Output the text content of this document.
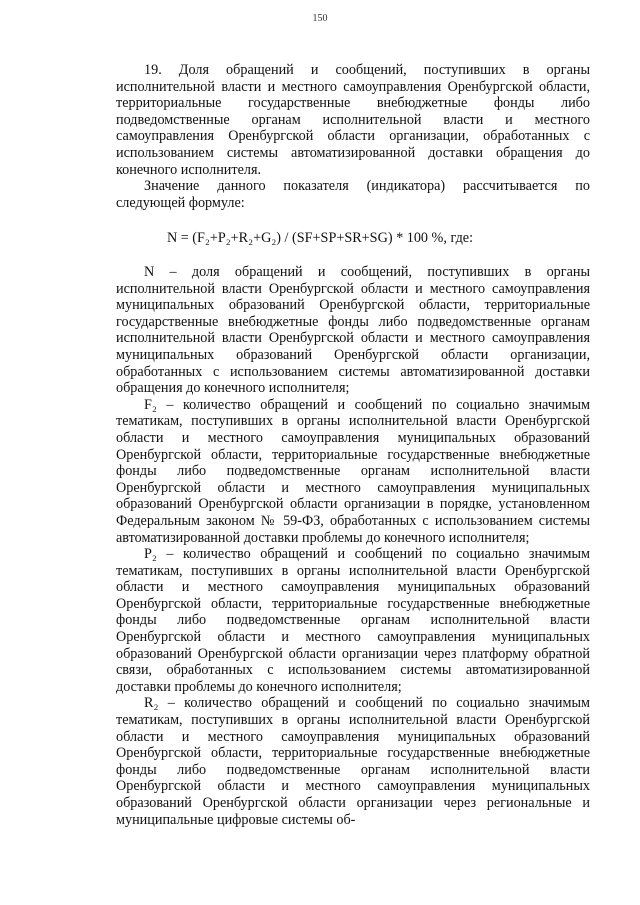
150

19. Доля обращений и сообщений, поступивших в органы исполнительной власти и местного самоуправления Оренбургской области, территориальные государственные внебюджетные фонды либо подведомственные органам исполнительной власти и местного самоуправления Оренбургской области организации, обработанных с использованием системы автоматизированной доставки обращения до конечного исполнителя.

Значение данного показателя (индикатора) рассчитывается по следующей формуле:

N = (F₂+P₂+R₂+G₂) / (SF+SP+SR+SG) * 100 %, где:

N – доля обращений и сообщений, поступивших в органы исполнительной власти Оренбургской области и местного самоуправления муниципальных образований Оренбургской области, территориальные государственные внебюджетные фонды либо подведомственные органам исполнительной власти Оренбургской области и местного самоуправления муниципальных образований Оренбургской области организации, обработанных с использованием системы автоматизированной доставки обращения до конечного исполнителя;

F₂ – количество обращений и сообщений по социально значимым тематикам, поступивших в органы исполнительной власти Оренбургской области и местного самоуправления муниципальных образований Оренбургской области, территориальные государственные внебюджетные фонды либо подведомственные органам исполнительной власти Оренбургской области и местного самоуправления муниципальных образований Оренбургской области организации в порядке, установленном Федеральным законом № 59-ФЗ, обработанных с использованием системы автоматизированной доставки проблемы до конечного исполнителя;

P₂ – количество обращений и сообщений по социально значимым тематикам, поступивших в органы исполнительной власти Оренбургской области и местного самоуправления муниципальных образований Оренбургской области, территориальные государственные внебюджетные фонды либо подведомственные органам исполнительной власти Оренбургской области и местного самоуправления муниципальных образований Оренбургской области организации через платформу обратной связи, обработанных с использованием системы автоматизированной доставки проблемы до конечного исполнителя;

R₂ – количество обращений и сообщений по социально значимым тематикам, поступивших в органы исполнительной власти Оренбургской области и местного самоуправления муниципальных образований Оренбургской области, территориальные государственные внебюджетные фонды либо подведомственные органам исполнительной власти Оренбургской области и местного самоуправления муниципальных образований Оренбургской области организации через региональные и муниципальные цифровые системы об-
